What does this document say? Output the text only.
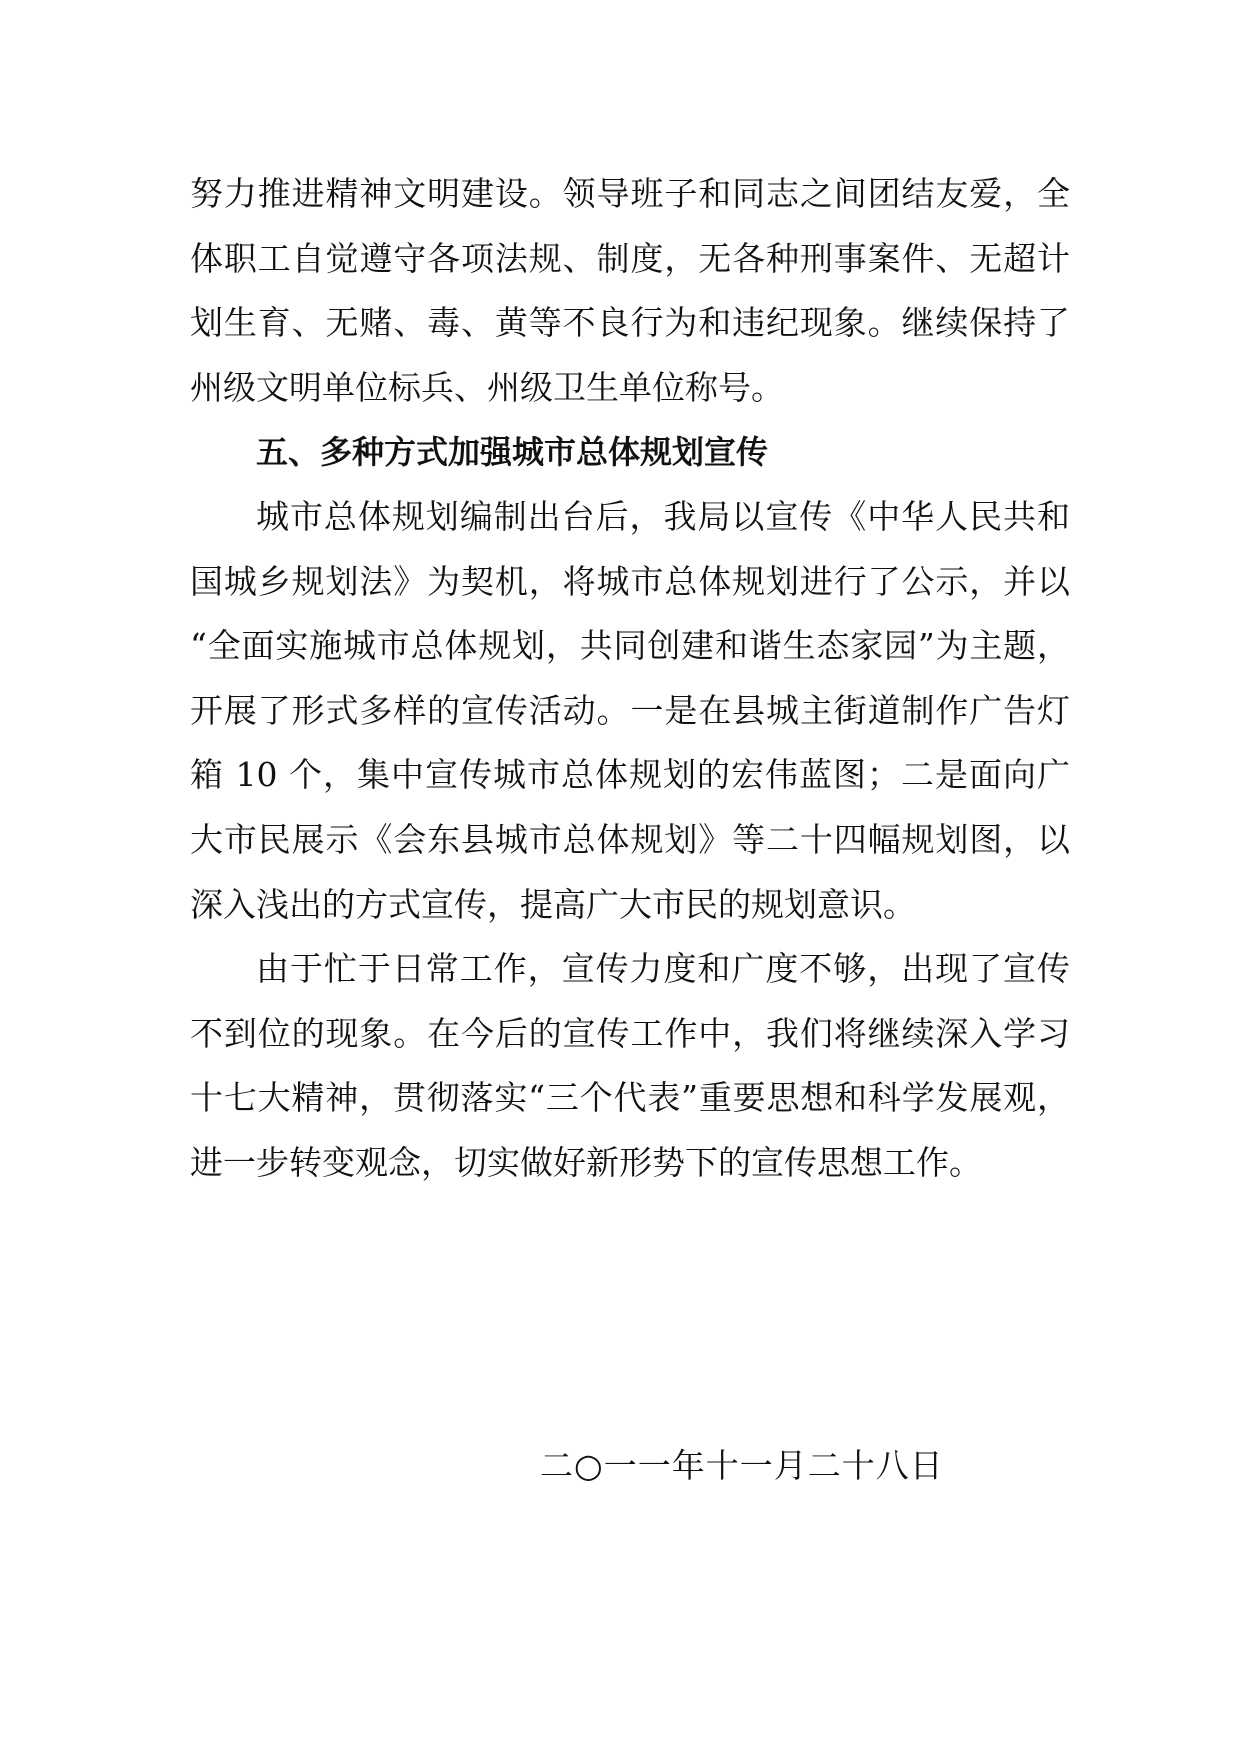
努力推进精神文明建设。领导班子和同志之间团结友爱，全
体职工自觉遵守各项法规、制度，无各种刑事案件、无超计
划生育、无赌、毒、黄等不良行为和违纪现象。继续保持了
州级文明单位标兵、州级卫生单位称号。
五、多种方式加强城市总体规划宣传
城市总体规划编制出台后，我局以宣传《中华人民共和
国城乡规划法》为契机，将城市总体规划进行了公示，并以
“全面实施城市总体规划，共同创建和谐生态家园”为主题，
开展了形式多样的宣传活动。一是在县城主街道制作广告灯
箱 10 个，集中宣传城市总体规划的宏伟蓝图；二是面向广
大市民展示《会东县城市总体规划》等二十四幅规划图，以
深入浅出的方式宣传，提高广大市民的规划意识。
由于忙于日常工作，宣传力度和广度不够，出现了宣传
不到位的现象。在今后的宣传工作中，我们将继续深入学习
十七大精神，贯彻落实“三个代表”重要思想和科学发展观，
进一步转变观念，切实做好新形势下的宣传思想工作。
二○一一年十一月二十八日
